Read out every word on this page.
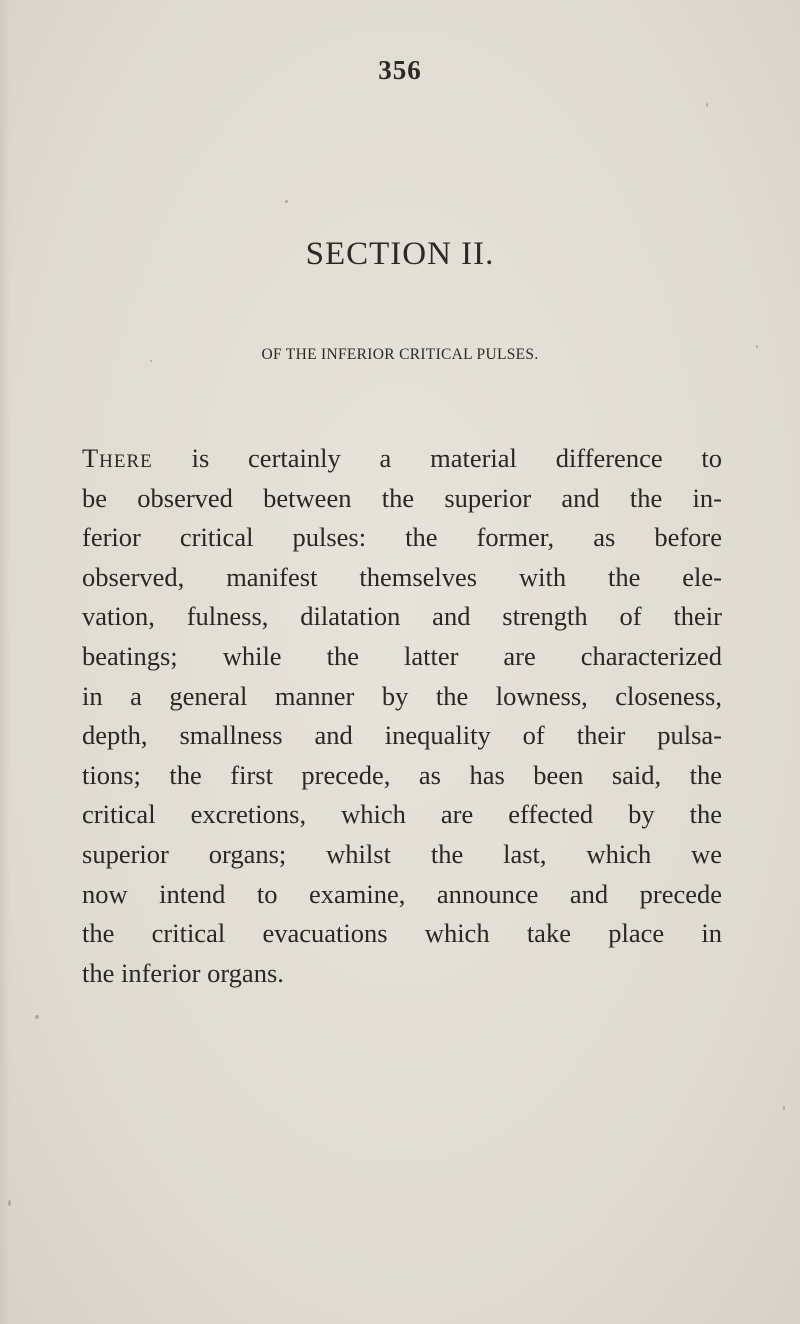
356
SECTION II.
OF THE INFERIOR CRITICAL PULSES.
There is certainly a material difference to
be observed between the superior and the in-
ferior critical pulses: the former, as before
observed, manifest themselves with the ele-
vation, fulness, dilatation and strength of their
beatings; while the latter are characterized
in a general manner by the lowness, closeness,
depth, smallness and inequality of their pulsa-
tions; the first precede, as has been said, the
critical excretions, which are effected by the
superior organs; whilst the last, which we
now intend to examine, announce and precede
the critical evacuations which take place in
the inferior organs.
